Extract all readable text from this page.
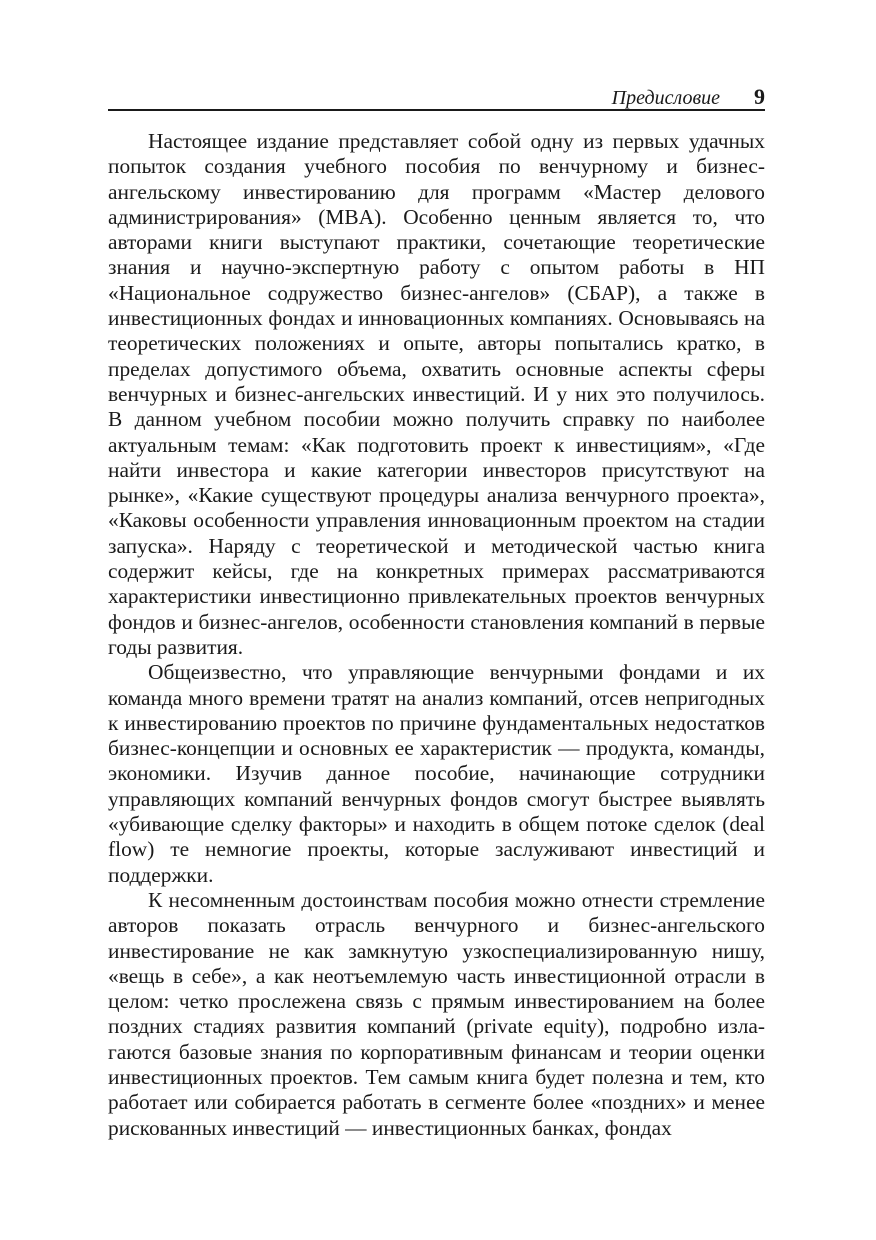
Предисловие 9

Настоящее издание представляет собой одну из первых удачных попыток создания учебного пособия по венчурному и бизнес-ангельскому инвестированию для программ «Мастер делового администрирования» (MBA). Особенно ценным является то, что авторами книги выступают практики, сочетающие теоретические знания и научно-экспертную работу с опытом работы в НП «Национальное содружество бизнес-ангелов» (СБАР), а также в инвестиционных фондах и инновационных компаниях. Основываясь на теоретических положениях и опыте, авторы попытались кратко, в пределах допустимого объема, охватить основные аспекты сферы венчурных и бизнес-ангельских инвестиций. И у них это получилось. В данном учебном пособии можно получить справку по наиболее актуальным темам: «Как подготовить проект к инвестициям», «Где найти инвестора и какие категории инвесторов присутствуют на рынке», «Какие существуют процедуры анализа венчурного проекта», «Каковы особенности управления инновационным проектом на стадии запуска». Наряду с теоретической и методической частью книга содержит кейсы, где на конкретных примерах рассматриваются характеристики инвестиционно привлекательных проектов венчурных фондов и бизнес-ангелов, особенности становления компаний в первые годы развития.

Общеизвестно, что управляющие венчурными фондами и их команда много времени тратят на анализ компаний, отсев непригодных к инвестированию проектов по причине фундаментальных недостатков бизнес-концепции и основных ее характеристик — продукта, команды, экономики. Изучив данное пособие, начинающие сотрудники управляющих компаний венчурных фондов смогут быстрее выявлять «убивающие сделку факторы» и находить в общем потоке сделок (deal flow) те немногие проекты, которые заслуживают инвестиций и поддержки.

К несомненным достоинствам пособия можно отнести стремление авторов показать отрасль венчурного и бизнес-ангельского инвестирование не как замкнутую узкоспециализированную нишу, «вещь в себе», а как неотъемлемую часть инвестиционной отрасли в целом: четко прослежена связь с прямым инвестированием на более поздних стадиях развития компаний (private equity), подробно излагаются базовые знания по корпоративным финансам и теории оценки инвестиционных проектов. Тем самым книга будет полезна и тем, кто работает или собирается работать в сегменте более «поздних» и менее рискованных инвестиций — инвестиционных банках, фондах
